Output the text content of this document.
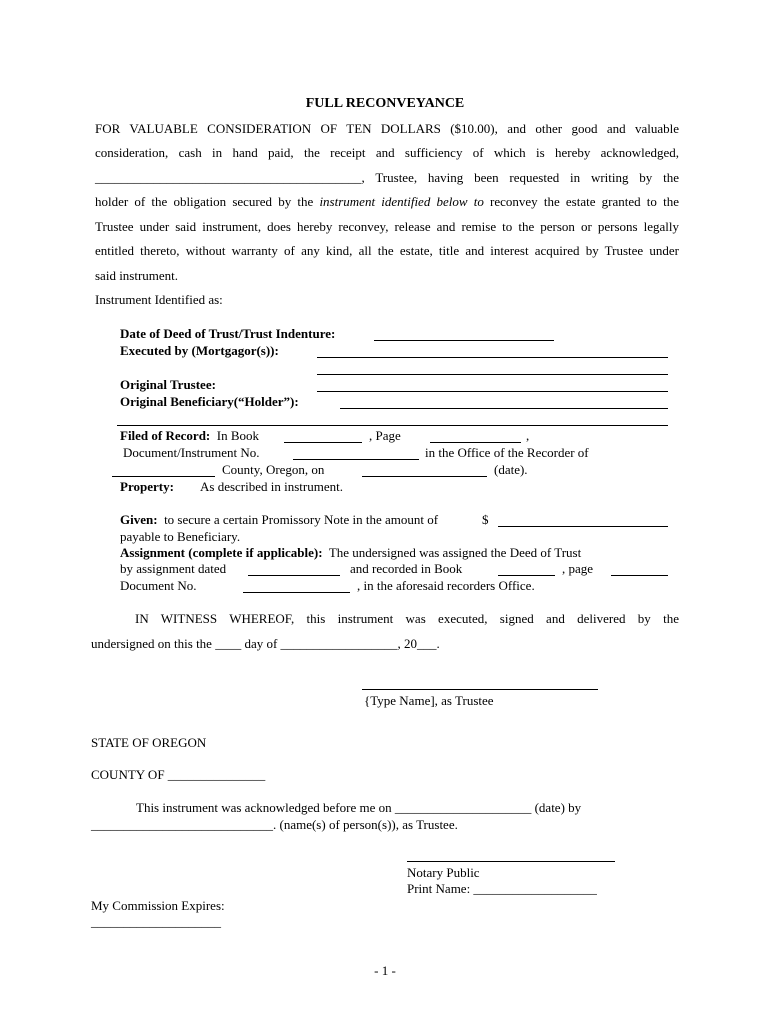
FULL RECONVEYANCE
FOR VALUABLE CONSIDERATION OF TEN DOLLARS ($10.00), and other good and valuable
consideration, cash in hand paid, the receipt and sufficiency of which is hereby acknowledged,
_________________________________________, Trustee, having been requested in writing by the
holder of the obligation secured by the instrument identified below to reconvey the estate granted to the
Trustee under said instrument, does hereby reconvey, release and remise to the person or persons legally
entitled thereto, without warranty of any kind, all the estate, title and interest acquired by Trustee under
said instrument.
Instrument Identified as:
Date of Deed of Trust/Trust Indenture:
Executed by (Mortgagor(s)):
Original Trustee:
Original Beneficiary(“Holder”):
Filed of Record: In Book	, Page	,
Document/Instrument No.	in the Office of the Recorder of
County, Oregon, on	(date).
Property: As described in instrument.
Given: to secure a certain Promissory Note in the amount of	$
payable to Beneficiary.
Assignment (complete if applicable): The undersigned was assigned the Deed of Trust
by assignment dated	and recorded in Book	, page
Document No.	, in the aforesaid recorders Office.
IN WITNESS WHEREOF, this instrument was executed, signed and delivered by the
undersigned on this the ____ day of __________________, 20___.
{Type Name], as Trustee
STATE OF OREGON
COUNTY OF _______________
This instrument was acknowledged before me on _____________________ (date) by
____________________________. (name(s) of person(s)), as Trustee.
Notary Public
Print Name: ___________________
My Commission Expires:
____________________
- 1 -
